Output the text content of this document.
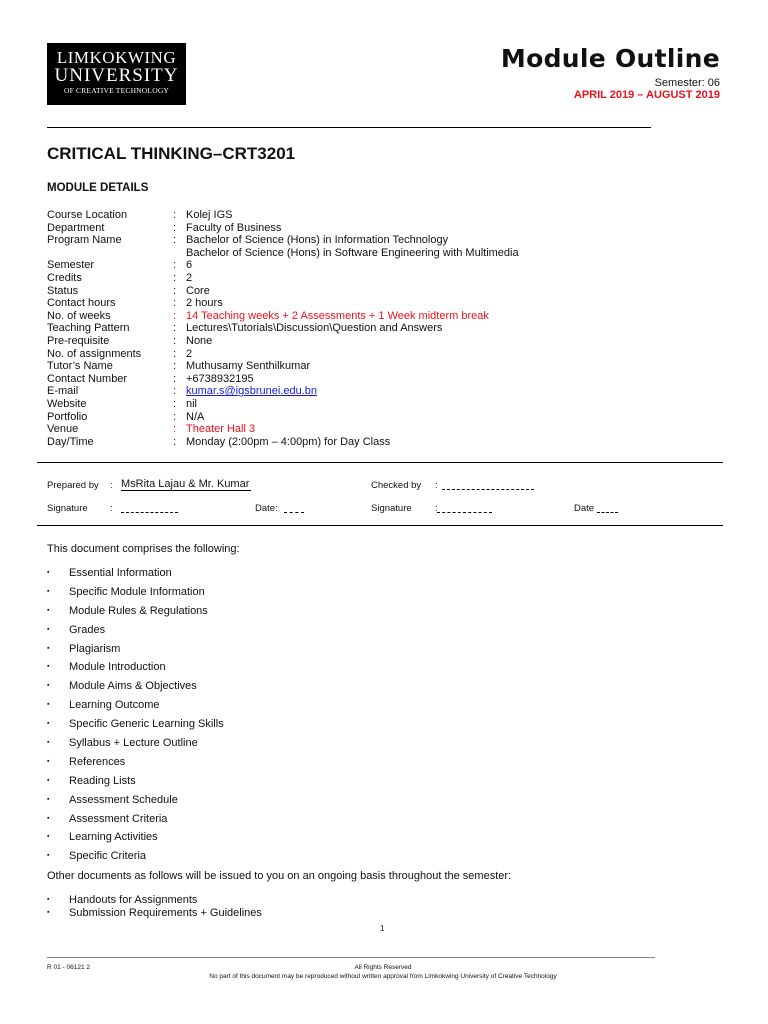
LIMKOKWING
UNIVERSITY
OF CREATIVE TECHNOLOGY
Module Outline
Semester: 06
APRIL 2019 – AUGUST 2019
CRITICAL THINKING–CRT3201
MODULE DETAILS
Course Location	: Kolej IGS
Department	: Faculty of Business
Program Name	: Bachelor of Science (Hons) in Information Technology
Bachelor of Science (Hons) in Software Engineering with Multimedia
Semester	: 6
Credits	: 2
Status	: Core
Contact hours	: 2 hours
No. of weeks	: 14 Teaching weeks + 2 Assessments + 1 Week midterm break
Teaching Pattern	: Lectures\Tutorials\Discussion\Question and Answers
Pre-requisite	: None
No. of assignments	: 2
Tutor’s Name	: Muthusamy Senthilkumar
Contact Number	: +6738932195
E-mail	: kumar.s@igsbrunei.edu.bn
Website	: nil
Portfolio	: N/A
Venue	: Theater Hall 3
Day/Time	: Monday (2:00pm – 4:00pm) for Day Class
Prepared by : MsRita Lajau & Mr. Kumar	Checked by :
Signature :	Date:	Signature :	Date
This document comprises the following:
▪	Essential Information
▪	Specific Module Information
▪	Module Rules & Regulations
▪	Grades
▪	Plagiarism
▪	Module Introduction
▪	Module Aims & Objectives
▪	Learning Outcome
▪	Specific Generic Learning Skills
▪	Syllabus + Lecture Outline
▪	References
▪	Reading Lists
▪	Assessment Schedule
▪	Assessment Criteria
▪	Learning Activities
▪	Specific Criteria
Other documents as follows will be issued to you on an ongoing basis throughout the semester:
▪	Handouts for Assignments
▪	Submission Requirements + Guidelines
1
R 01 - 06121 2	All Rights Reserved
No part of this document may be reproduced without written approval from Limkokwing University of Creative Technology
